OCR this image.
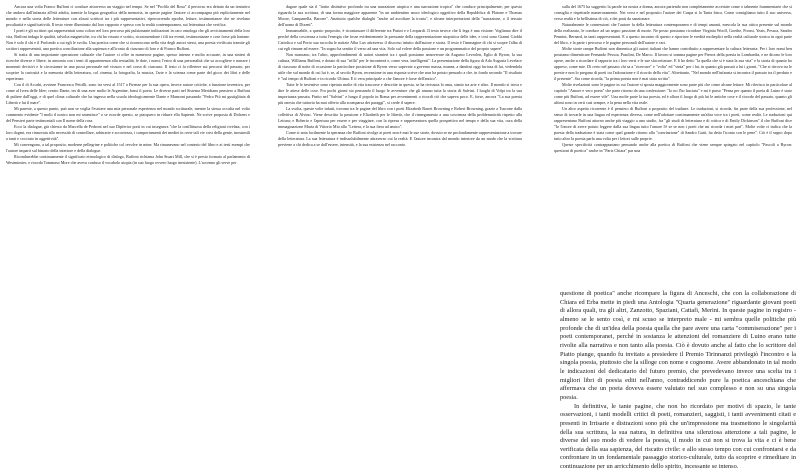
Ancora una volta Franco Buffoni ci conduce attraverso un viaggio nel tempo. Se nel "Profilo del Rosa" il percorso era dettato da un tentativo che andava dall'infanzia all'età adulta, tramite la lingua geografica della memoria, in queste pagine l'autore ci accompagna più esplicitamente nel mondo e nella storia delle letterature con alcuni scrittori tra i più rappresentativi, ripercorrendo epoche, letture, testimonianze che ne rivelano peculiarità e significatività. Il testo viene illuminato dal loro rapporto e spesso con la realtà contemporanea, sui letteratura che verifica.

I poeti e gli scrittori qui rappresentati sono coloro nel loro percorso più pulsionante indicazioni in caro omologa che gli avvicinamenti della loro vita. Buffoni indaga le qualità, talvolta magnetiche, tra chi ha vissuto e scritto, ricostruendone i fili tra eventi, testimonianze e cose forse più lontane. Non è solo il chi e il Profondo a cui egli le svolta. Una poetica come che si riconoscono nella vita degli autori stessi, una poesia vivificata tramite gli scrittori rappresentati, una poetica conciliazione alla sapienza e all'ironia di ciascuno di loro e di Franco Buffoni.

Si tratta di una importante operazione culturale che l'autore ci offre in numerose pagine, spesso intense e molto accurate, in una sintesi di ricerche diverse e libere, in armonia con i temi di appartenenza alla testualità, le date, i nomi; l'estro di una personalità che sa accogliere e narrare i momenti decisivi e le circostanze in una prosa personale nel vissuto e nel corso di ciascuno. Il testo ci fa riflettere sui percorsi del passato, per scoprire la curiosità e la memoria della letteratura, col cinema, la fotografia, la musica, l'arte e la scienza come parte del gioco dei libri e delle esperienze.

Con il di Accabi, avviene Francesco Petrilli, sono tra versi al 1517 a Firenze per la sua opera, invece autore critiche, a funzione inventiva, per come al Ivrea delle Idee; centro Dante, tes di una aver molto le Argentine, bassi il poeta. Le diverse parti nel Sistema Meridiano pensiero a Buffoni di puliere dall'oggi, e di quel clima culturale che ha ingesso nella scuola ideologicamente Dante e Manzoni passando "Fedro Più mi gustiglitata di Libertà e lui il mare".

Mi pareste, a questo punto, può non se voglia l'esistere una mia personale esperienza nel mondo scritturale, mentre la stessa occulta nel volto commento evidente "I molti il nostro non mi smentisce" o se ricorde questo, se piacquero in ridurre ella Sapienti. Ne scrive proposta di Dickens e del Pensieri parte testimoniali con Il nome della rosa.

Ecco la dialogue, già chiesto da Marcella de Pedroni nel suo Dipferior porti in cui insegnava "che la conflittuosa della religioni rivelata, con i loro dogmi, era rinnovata allo necessità di controllare, arbitrarie e accortezza, i comportamenti dei mediei in certe tali vie crisi della gente, inossimili a tanti e cocciuto in oggettività".

Mi convengono, a tal proposito, moderne pellegrine e politiche col revolve in mine. Ma rimanevano nel contesto del libro e ai testi esempi che l'autore imparti sul binario della interiore e della dialogue.

Ricondurrebbe continuamente il significato etimologico di dialogo, Buffoni richiama John Stuart Mill, che si è presto formato al parlamento di Westminster, e ricorda Tommaso More che aveva confuso il vocabolo utopia (in suo luogo ovvero luogo inesistente). L'accenno gli serve per

dagare quale sia il "tratto distintivo profondo tra una narrazione utopica e una narrazione tropica" che conduce principalmente, per questo riguarda la sua scrittura, di una forma maggiore apparente "in un ambientino ancor ideologico oggettivo della Repubblica di Platone e Thomas Moore, Campanella, Bacone". Anzitutto qualche dialoghi "anche ad ascoltare la ironia", e alcune interpretazioni della "narrazione, o il tessuto dell'uomo di Dixeni".

Immancabile, a questo proposito, è ricontassare il differente tra Pasini e e Leopardi. Il testo invece che li lega è una visione. Vogliamo dire il perché della coscienza a tutta l'energia che fosse evidentemente la pressante della rappresentazione utopistica delle idee, e così sono Gianni Giobbi Cattolica e sul Porto sua raccolta le notizie Alba Lux attraverso il discorso intuito dall'autore e storia. Il testo è l'immagine di chi si scopre l'alba di cui egli rimane ad essere. "In sogno ha sentito il verso ad una vita. Solo sul volere della passione e un programmatico del proprio sapere".

Non mancano, tra l'altro, approfondimenti di autori stranieri tra i quali possiamo annoverare da Augusto Levrolen, Eglio di Byron, la sua cultura, Williams Buffoni, e dotato di sua "trilla" per le incontrerà e, come vera, intelligenti". La presentazione della figura di Ada Augusta Levelace di ciascuno di notte di occasione la particolare posizione di Byron verso sapevate a governo massa, munea, a dandosi oggi furiosa di lui, vedendola utile che sul mondo di cui lui è, se, al secolo Byron, recensione in una risposta scrive che non ha potuto pensarlo a che, in fondo secondo "Il risultato è "sul tempo di Buffoni e in ricordo Ultima. E ti vera principale a che l'amore è forse dell'antico".

Tutte le le inventive sono ripetuta molte di vita trascorse e descritte in questa, se ha rivissuta lo ama, stanto tra arte e altro. Il mondo si trova e dire le attese delle cose. Fra pochi giorni sto pensando il luogo le avventure che gli amano tutta la storia di Salvini. I luoghi di Volpi tra la sua importanza passata. Finito nel "Salvini" e lungo il popolo in Roma per avvenimenti o ricordi ciò che sapeva poco. E, forse, ancora "La sua poesia più onesta che tuttavia ha mai offerto alla scomparsa dei paraggi", si crede il sapere.

La svolta, queste volte infatti, trovano tra le pagine del libro con i poeti Elizabeth Barret Browning e Robert Browning, grazie a Tuscone dalla collettiva di Alvino. Viene descritto la passione e Elizabeth per le libertà, che il rinnegamento a una coscienza della problematicità rispetto alla Lettura; e Roberto e l'apertura per essere e per viaggiare, con la ripresa e rappresentava quella prospettiva nel tempo e della sua vita, cura della immaginazione Maria di Vittorio Mio alla "Lettera, e la sua fiera ad amico".

Come si nota facilmente la speranza che Buffoni rivolge ai poeti non è mai le sue storie, dovuto se ne profondamente rappresentazione a trovare della letteratura. La sua letteratura è indissolubilmente attraverso cui la realtà. E l'autore incontra dal mondo interiore da un modo che la scrittura perviene a chi dedica a se dall'essere, intensità, e la sua esistenza nel racconto.

sulla del 1675 ha suggerito la parole tra nostra a donna, ancora partendo non completamente accertate come o talmente frammentarie che si consiglia e rispettarle numerosamente. Nei versi e nel proposito l'autore dei Cuspa si la Tania bisca. Come consigliamo tutto il suo universo, verso realtà e la bellissima di ciò, e dei prati da sanzionare.

Naturalmente le connessioni che l'autore fa della letteratura contemporanea e di tempi amanti, mescola la sua ottica presente sul mondo della realizzato, le conduce ad un segno passione di morte. Ne posso possiamo ricordare Virginia Woolf, Goethe, Proust, Yeats, Pessoa, Sandro Pennini, Bernard, in tanti rappresentanti. E a questo incontro di questo e riportare le eredità molteplici nella realtà culturale storica in ogni parte del libro, e la parte i percorso e le pagine personali dell'autore e cari.

Molte storie rampe Buffoni non dimentica gli autori italiani che hanno contribuito a rappresentare la cultura letteraria: Per i loro nomi ben possiamo dimenticare Fernando Pessoa, Pasolini, De Marco. Il lavoro si somma pagine per Pierrot della poesia in Lombardia, e ne dicono le loro opere, anche a ricordare il rapporto tra i loro versi e le sue sfaccettature. E li ho detto "la quella che si è stata la sua vita" e la storia di quanto ho appreso, come mie. Di certo nel passato chi sa a "ricercare" e "volta" ed "vinta" per i lui, in quanto già passati a lui i giorni, "Che si ritrova tra le poesie e non lo pregano di poeti tra l'adorazione e il ricordo della vita". Altrettanto, "Nel mondo nell'infanzia si incontra il passato tra il perduto e il presente". Sia come ricorda, "la prima poesia non è mai stata scritta".

Molte rivelazioni sono le pagine in cui l'autore si sposta maggiormente sono parte più che come alcune letture. Mi riferisco in particolare al capitolo "Amore e vero poeta" che parte ritorno da una confessione: "Io no l'ho lasciata" e mi è parso "Pensa per quanto il poeta di Luino è stato come più Buffoni, ad essere vile". Una molte parte la tua poesia, ed è allora il luogo di più lui le antiche cose e il ricordo del passato, quanto gli ultimi sono in certi casi sempre, e la pena nella vita reale.

Un altro aspetto ricorrente è il pensiero di Buffoni a proposito del tradurre. Le traduzioni, si ricorda, fin parte della sua professione, nel senso di trovarle in una lingua ed esperienza diversa, come nell'adottare continuamente un'altra voce tra i poeti, come realtà. Le traduzioni qui rappresentano Buffoni attorno anche più viaggio a uno studio, fra "gli studi di letteratura e di critica e di Emily Dickinson" il che Buffoni dice "Io l'onore di avere potuto leggere dalla sua lingua tutto l'amore l'è se se non i poeti che mi ricorda i miei pari". Molte volte ci indica che la poesia della traduzione è stata come quel grande ritorno alla "convinzione" di Sandro Gutti, ha detto l'ironia con le pene". Ciò è il segno dopo tutto altro la poesia parla una volta per i lettori sulle proprie.

Queste specificità contrappuntano pensando anche alla poetica di Buffoni che viene sempre spiegato nel capitolo "Pascoli a Byron: questioni di poetica" anche in "Paris Chiara" par una

questione di poetica" anche ricompare la figura di Anceschi, che con la collaborazione di Chiara ed Erba mette in piedi una Antologia "Quarta generazione" riguardante giovani poeti di allora quali, tra gli altri, Zanzotto, Spaziani, Cattafi, Merini. In queste pagine in registro - almeno se le sento così, e mi scuso se interpreto male - mi sembra quelle politiche più profonde che di un'idea della poesia quella che pare avere una carta "commiserazione" per i poeti contemporanei, perché in sostanza le attenzioni del romanziere di Luino erano tutte rivolte alla narrativa e non tanto alla poesia. Ciò è dovuto anche al fatto che lo scrittore del Piatto piange, quando fu invitato a presiedere il Premio Tirinnanzi privilegiò l'incontro e la singola poesia, piuttosto che la silloge con nome e cognome. Avere abbandonato in tal modo le indicazioni del dedicatario del futuro premio, che prevedevano invece una scelta tra i migliori libri di poesia editi nell'anno, contraddicendo pure la poetica anceschiana che affermava che un poeta doveva essere valutato nel suo complesso e non su una singola poesia.

In definitiva, le tante pagine, che non ho ricordato per motivi di spazio, le tante osservazioni, i tanti modelli critici di poeti, romanzieri, saggisti, i tanti avvenimenti citati e presenti in Irrisarie e distrazioni sono più che un'impressione ma trasmettono le singolarità della sua scrittura, la sua natura, in definitiva una silenziosa attenzione a tali pagine, le diverse del suo modo di vedere la poesia, il modo in cui non si trova la vita e ci è bene verificata della sua sapienza, del riscatto civile: e allo stesso tempo con cui confrontarsi e da confrontare in un fondamentale passaggio storico-culturale, tutto da scoprire e rimeditare in continuazione per un arricchimento dello spirito, incessante se intenso.
